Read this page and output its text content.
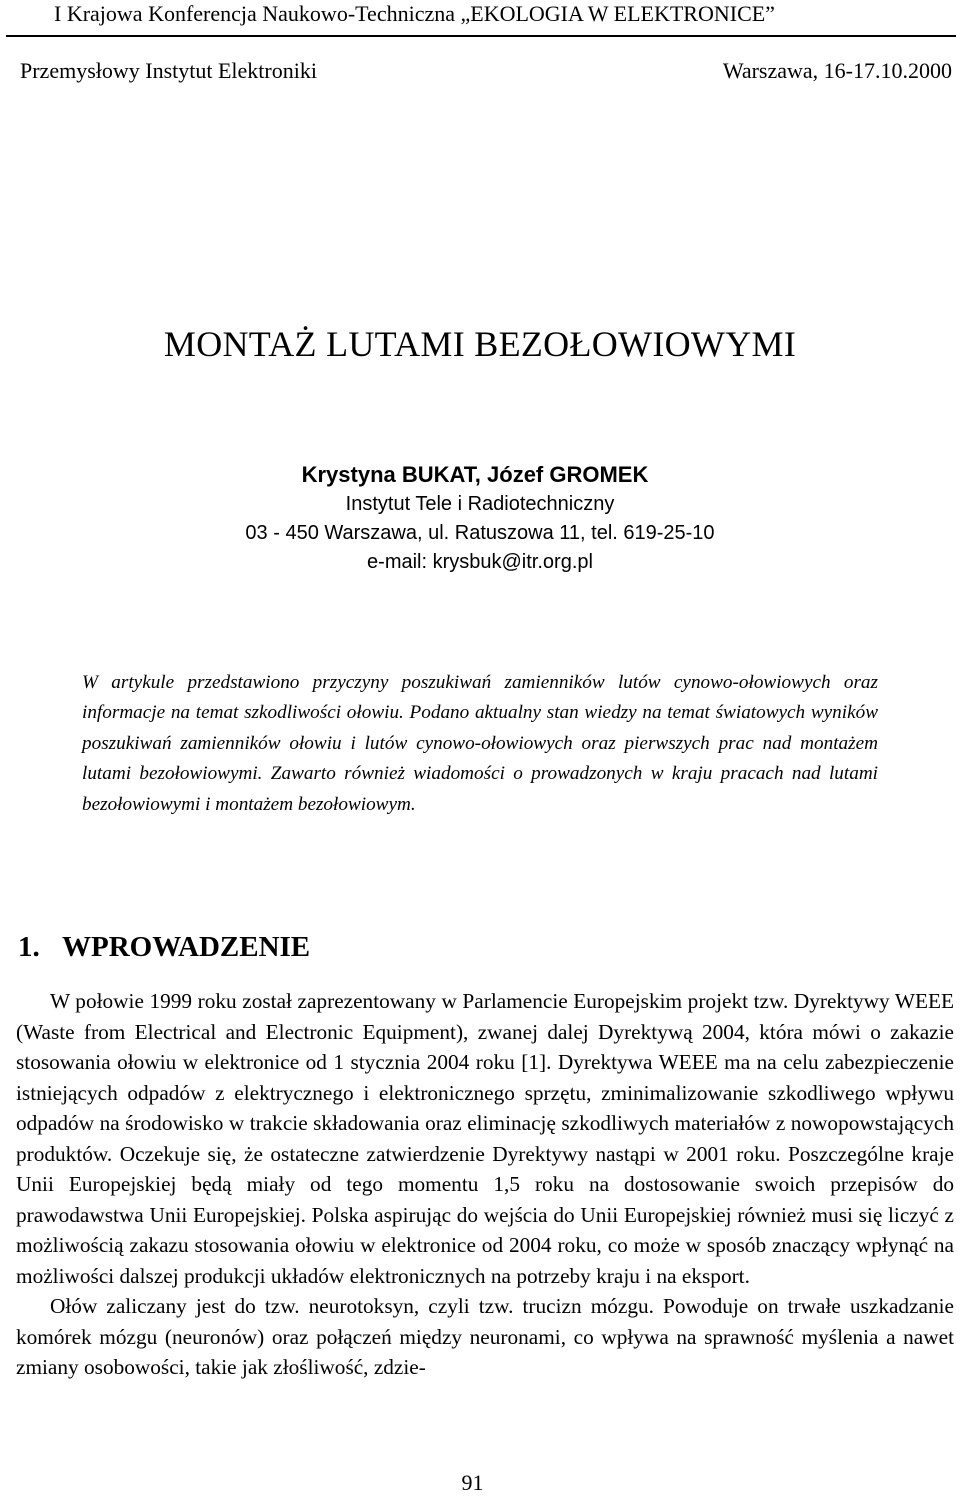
I Krajowa Konferencja Naukowo-Techniczna „EKOLOGIA W ELEKTRONICE”
Przemysłowy Instytut Elektroniki	Warszawa, 16-17.10.2000
MONTAŻ LUTAMI BEZOŁOWIOWYMI
Krystyna BUKAT, Józef GROMEK
Instytut Tele i Radiotechniczny
03 - 450 Warszawa, ul. Ratuszowa 11, tel. 619-25-10
e-mail: krysbuk@itr.org.pl
W artykule przedstawiono przyczyny poszukiwań zamienników lutów cynowo-ołowiowych oraz informacje na temat szkodliwości ołowiu. Podano aktualny stan wiedzy na temat światowych wyników poszukiwań zamienników ołowiu i lutów cynowo-ołowiowych oraz pierwszych prac nad montażem lutami bezołowiowymi. Zawarto również wiadomości o prowadzonych w kraju pracach nad lutami bezołowiowymi i montażem bezołowiowym.
1. WPROWADZENIE

W połowie 1999 roku został zaprezentowany w Parlamencie Europejskim projekt tzw. Dyrektywy WEEE (Waste from Electrical and Electronic Equipment), zwanej dalej Dyrektywą 2004, która mówi o zakazie stosowania ołowiu w elektronice od 1 stycznia 2004 roku [1]. Dyrektywa WEEE ma na celu zabezpieczenie istniejących odpadów z elektrycznego i elektronicznego sprzętu, zminimalizowanie szkodliwego wpływu odpadów na środowisko w trakcie składowania oraz eliminację szkodliwych materiałów z nowopowstających produktów. Oczekuje się, że ostateczne zatwierdzenie Dyrektywy nastąpi w 2001 roku. Poszczególne kraje Unii Europejskiej będą miały od tego momentu 1,5 roku na dostosowanie swoich przepisów do prawodawstwa Unii Europejskiej. Polska aspirując do wejścia do Unii Europejskiej również musi się liczyć z możliwością zakazu stosowania ołowiu w elektronice od 2004 roku, co może w sposób znaczący wpłynąć na możliwości dalszej produkcji układów elektronicznych na potrzeby kraju i na eksport.

Ołów zaliczany jest do tzw. neurotoksyn, czyli tzw. trucizn mózgu. Powoduje on trwałe uszkadzanie komórek mózgu (neuronów) oraz połączeń między neuronami, co wpływa na sprawność myślenia a nawet zmiany osobowości, takie jak złośliwość, zdzie-

91
